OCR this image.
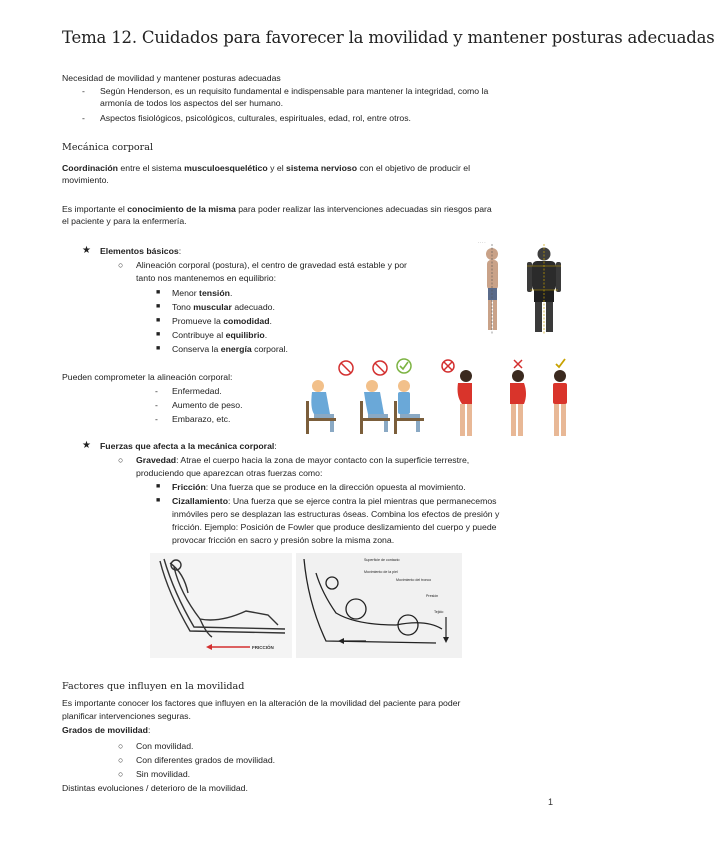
Tema 12. Cuidados para favorecer la movilidad y mantener posturas adecuadas
Necesidad de movilidad y mantener posturas adecuadas
- Según Henderson, es un requisito fundamental e indispensable para mantener la integridad, como la
armonía de todos los aspectos del ser humano.
- Aspectos fisiológicos, psicológicos, culturales, espirituales, edad, rol, entre otros.
Mecánica corporal
Coordinación entre el sistema musculoesquelético y el sistema nervioso con el objetivo de producir el
movimiento.
Es importante el conocimiento de la misma para poder realizar las intervenciones adecuadas sin riesgos para
el paciente y para la enfermería.
★ Elementos básicos:
○ Alineación corporal (postura), el centro de gravedad está estable y por
tanto nos mantenemos en equilibrio:
■ Menor tensión.
■ Tono muscular adecuado.
■ Promueve la comodidad.
■ Contribuye al equilibrio.
■ Conserva la energía corporal.
· · · ·
Pueden comprometer la alineación corporal:
- Enfermedad.
- Aumento de peso.
- Embarazo, etc.
★ Fuerzas que afecta a la mecánica corporal:
○ Gravedad: Atrae el cuerpo hacia la zona de mayor contacto con la superficie terrestre,
produciendo que aparezcan otras fuerzas como:
■ Fricción: Una fuerza que se produce en la dirección opuesta al movimiento.
■ Cizallamiento: Una fuerza que se ejerce contra la piel mientras que permanecemos
inmóviles pero se desplazan las estructuras óseas. Combina los efectos de presión y
fricción. Ejemplo: Posición de Fowler que produce deslizamiento del cuerpo y puede
provocar fricción en sacro y presión sobre la misma zona.
FRICCIÓN
Superficie de contacto
Movimiento de la piel
Movimiento del tronco
Presión
Tejido
Factores que influyen en la movilidad
Es importante conocer los factores que influyen en la alteración de la movilidad del paciente para poder
planificar intervenciones seguras.
Grados de movilidad:
○ Con movilidad.
○ Con diferentes grados de movilidad.
○ Sin movilidad.
Distintas evoluciones / deterioro de la movilidad.
1
